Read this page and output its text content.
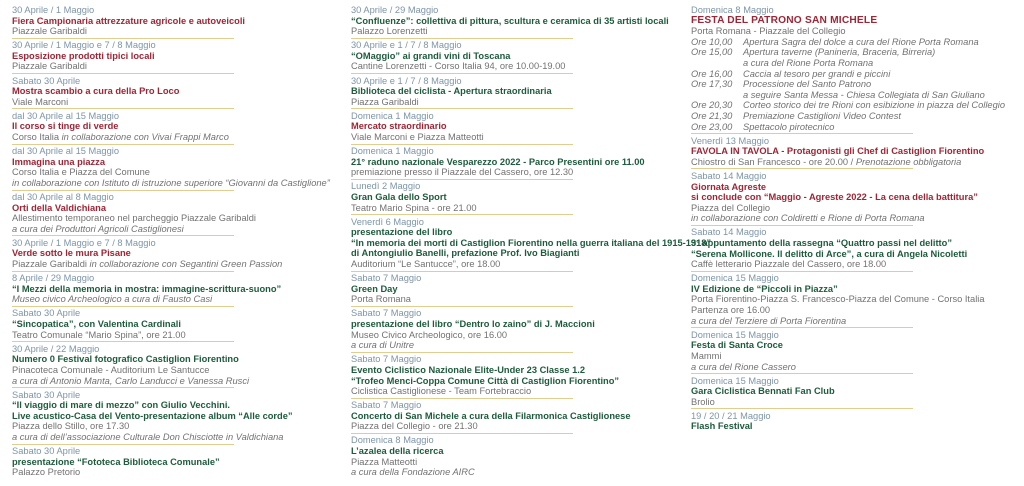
30 Aprile / 1 Maggio
Fiera Campionaria attrezzature agricole e autoveicoli
Piazzale Garibaldi
30 Aprile / 1 Maggio e 7 / 8 Maggio
Esposizione prodotti tipici locali
Piazzale Garibaldi
Sabato 30 Aprile
Mostra scambio a cura della Pro Loco
Viale Marconi
dal 30 Aprile al 15 Maggio
Il corso si tinge di verde
Corso Italia in collaborazione con Vivai Frappi Marco
dal 30 Aprile al 15 Maggio
Immagina una piazza
Corso Italia e Piazza del Comune
in collaborazione con Istituto di istruzione superiore “Giovanni da Castiglione”
dal 30 Aprile al 8 Maggio
Orti della Valdichiana
Allestimento temporaneo nel parcheggio Piazzale Garibaldi
a cura dei Produttori Agricoli Castiglionesi
30 Aprile / 1 Maggio e 7 / 8 Maggio
Verde sotto le mura Pisane
Piazzale Garibaldi in collaborazione con Segantini Green Passion
8 Aprile / 29 Maggio
“I Mezzi della memoria in mostra: immagine-scrittura-suono”
Museo civico Archeologico a cura di Fausto Casi
Sabato 30 Aprile
“Sincopatica”, con Valentina Cardinali
Teatro Comunale “Mario Spina”, ore 21.00
30 Aprile / 22 Maggio
Numero 0 Festival fotografico Castiglion Fiorentino
Pinacoteca Comunale - Auditorium Le Santucce
a cura di Antonio Manta, Carlo Landucci e Vanessa Rusci
Sabato 30 Aprile
“Il viaggio di mare di mezzo” con Giulio Vecchini.
Live acustico-Casa del Vento-presentazione album “Alle corde”
Piazza dello Stillo, ore 17.30
a cura di dell’associazione Culturale Don Chisciotte in Valdichiana
Sabato 30 Aprile
presentazione “Fototeca Biblioteca Comunale”
Palazzo Pretorio
30 Aprile / 29 Maggio
“Confluenze”: collettiva di pittura, scultura e ceramica di 35 artisti locali
Palazzo Lorenzetti
30 Aprile e 1 / 7 / 8 Maggio
“OMaggio” ai grandi vini di Toscana
Cantine Lorenzetti - Corso Italia 94, ore 10.00-19.00
30 Aprile e 1 / 7 / 8 Maggio
Biblioteca del ciclista - Apertura straordinaria
Piazza Garibaldi
Domenica 1 Maggio
Mercato straordinario
Viale Marconi e Piazza Matteotti
Domenica 1 Maggio
21° raduno nazionale Vesparezzo 2022 - Parco Presentini ore 11.00
premiazione presso il Piazzale del Cassero, ore 12.30
Lunedì 2 Maggio
Gran Gala dello Sport
Teatro Mario Spina - ore 21.00
Venerdì 6 Maggio
presentazione del libro
“In memoria dei morti di Castiglion Fiorentino nella guerra italiana del 1915-1918”
di Antongiulio Banelli, prefazione Prof. Ivo Biagianti
Auditorium “Le Santucce”, ore 18.00
Sabato 7 Maggio
Green Day
Porta Romana
Sabato 7 Maggio
presentazione del libro “Dentro lo zaino” di J. Maccioni
Museo Civico Archeologico, ore 16.00
a cura di Unitre
Sabato 7 Maggio
Evento Ciclistico Nazionale Elite-Under 23 Classe 1.2
“Trofeo Menci-Coppa Comune Città di Castiglion Fiorentino”
Ciclistica Castiglionese - Team Fortebraccio
Sabato 7 Maggio
Concerto di San Michele a cura della Filarmonica Castiglionese
Piazza del Collegio - ore 21.30
Domenica 8 Maggio
L’azalea della ricerca
Piazza Matteotti
a cura della Fondazione AIRC
Domenica 8 Maggio
FESTA DEL PATRONO SAN MICHELE
Porta Romana - Piazzale del Collegio
Ore 10,00	Apertura Sagra del dolce a cura del Rione Porta Romana
Ore 15,00	Apertura taverne (Panineria, Braceria, Birreria)
a cura del Rione Porta Romana
Ore 16,00	Caccia al tesoro per grandi e piccini
Ore 17,30	Processione del Santo Patrono
a seguire Santa Messa - Chiesa Collegiata di San Giuliano
Ore 20,30	Corteo storico dei tre Rioni con esibizione in piazza del Collegio
Ore 21,30	Premiazione Castiglioni Video Contest
Ore 23,00	Spettacolo pirotecnico
Venerdì 13 Maggio
FAVOLA IN TAVOLA - Protagonisti gli Chef di Castiglion Fiorentino
Chiostro di San Francesco - ore 20.00 / Prenotazione obbligatoria
Sabato 14 Maggio
Giornata Agreste
si conclude con “Maggio - Agreste 2022 - La cena della battitura”
Piazza del Collegio
in collaborazione con Coldiretti e Rione di Porta Romana
Sabato 14 Maggio
3° appuntamento della rassegna “Quattro passi nel delitto”
“Serena Mollicone. Il delitto di Arce”, a cura di Angela Nicoletti
Caffè letterario Piazzale del Cassero, ore 18.00
Domenica 15 Maggio
IV Edizione de “Piccoli in Piazza”
Porta Fiorentino-Piazza S. Francesco-Piazza del Comune - Corso Italia
Partenza ore 16.00
a cura del Terziere di Porta Fiorentina
Domenica 15 Maggio
Festa di Santa Croce
Mammi
a cura del Rione Cassero
Domenica 15 Maggio
Gara Ciclistica Bennati Fan Club
Brolio
19 / 20 / 21 Maggio
Flash Festival
